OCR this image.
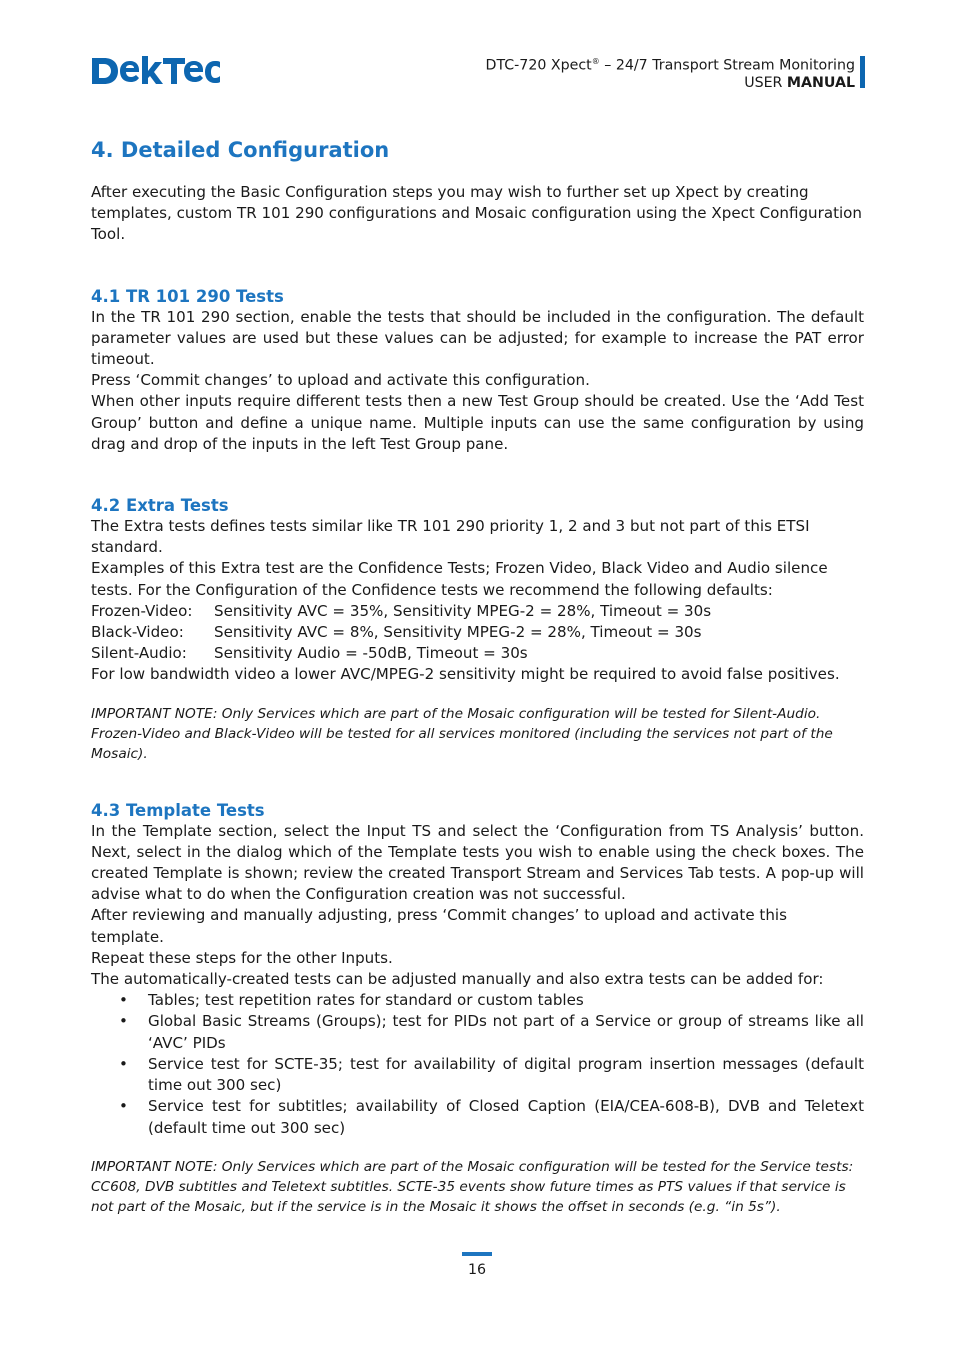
DTC-720 Xpect® – 24/7 Transport Stream Monitoring
USER MANUAL
4. Detailed Configuration

After executing the Basic Configuration steps you may wish to further set up Xpect by creating templates, custom TR 101 290 configurations and Mosaic configuration using the Xpect Configuration Tool.

4.1 TR 101 290 Tests

In the TR 101 290 section, enable the tests that should be included in the configuration. The default parameter values are used but these values can be adjusted; for example to increase the PAT error timeout.

Press ‘Commit changes’ to upload and activate this configuration.

When other inputs require different tests then a new Test Group should be created. Use the ‘Add Test Group’ button and define a unique name. Multiple inputs can use the same configuration by using drag and drop of the inputs in the left Test Group pane.

4.2 Extra Tests

The Extra tests defines tests similar like TR 101 290 priority 1, 2 and 3 but not part of this ETSI standard.

Examples of this Extra test are the Confidence Tests; Frozen Video, Black Video and Audio silence tests. For the Configuration of the Confidence tests we recommend the following defaults:

Frozen-Video:	Sensitivity AVC = 35%, Sensitivity MPEG-2 = 28%, Timeout = 30s
Black-Video:	Sensitivity AVC = 8%, Sensitivity MPEG-2 = 28%, Timeout = 30s
Silent-Audio:	Sensitivity Audio = -50dB, Timeout = 30s

For low bandwidth video a lower AVC/MPEG-2 sensitivity might be required to avoid false positives.

IMPORTANT NOTE: Only Services which are part of the Mosaic configuration will be tested for Silent-Audio. Frozen-Video and Black-Video will be tested for all services monitored (including the services not part of the Mosaic).

4.3 Template Tests

In the Template section, select the Input TS and select the ‘Configuration from TS Analysis’ button. Next, select in the dialog which of the Template tests you wish to enable using the check boxes. The created Template is shown; review the created Transport Stream and Services Tab tests. A pop-up will advise what to do when the Configuration creation was not successful.

After reviewing and manually adjusting, press ‘Commit changes’ to upload and activate this template.

Repeat these steps for the other Inputs.

The automatically-created tests can be adjusted manually and also extra tests can be added for:

• Tables; test repetition rates for standard or custom tables
• Global Basic Streams (Groups); test for PIDs not part of a Service or group of streams like all ‘AVC’ PIDs
• Service test for SCTE-35; test for availability of digital program insertion messages (default time out 300 sec)
• Service test for subtitles; availability of Closed Caption (EIA/CEA-608-B), DVB and Teletext (default time out 300 sec)

IMPORTANT NOTE: Only Services which are part of the Mosaic configuration will be tested for the Service tests: CC608, DVB subtitles and Teletext subtitles. SCTE-35 events show future times as PTS values if that service is not part of the Mosaic, but if the service is in the Mosaic it shows the offset in seconds (e.g. “in 5s”).

16
